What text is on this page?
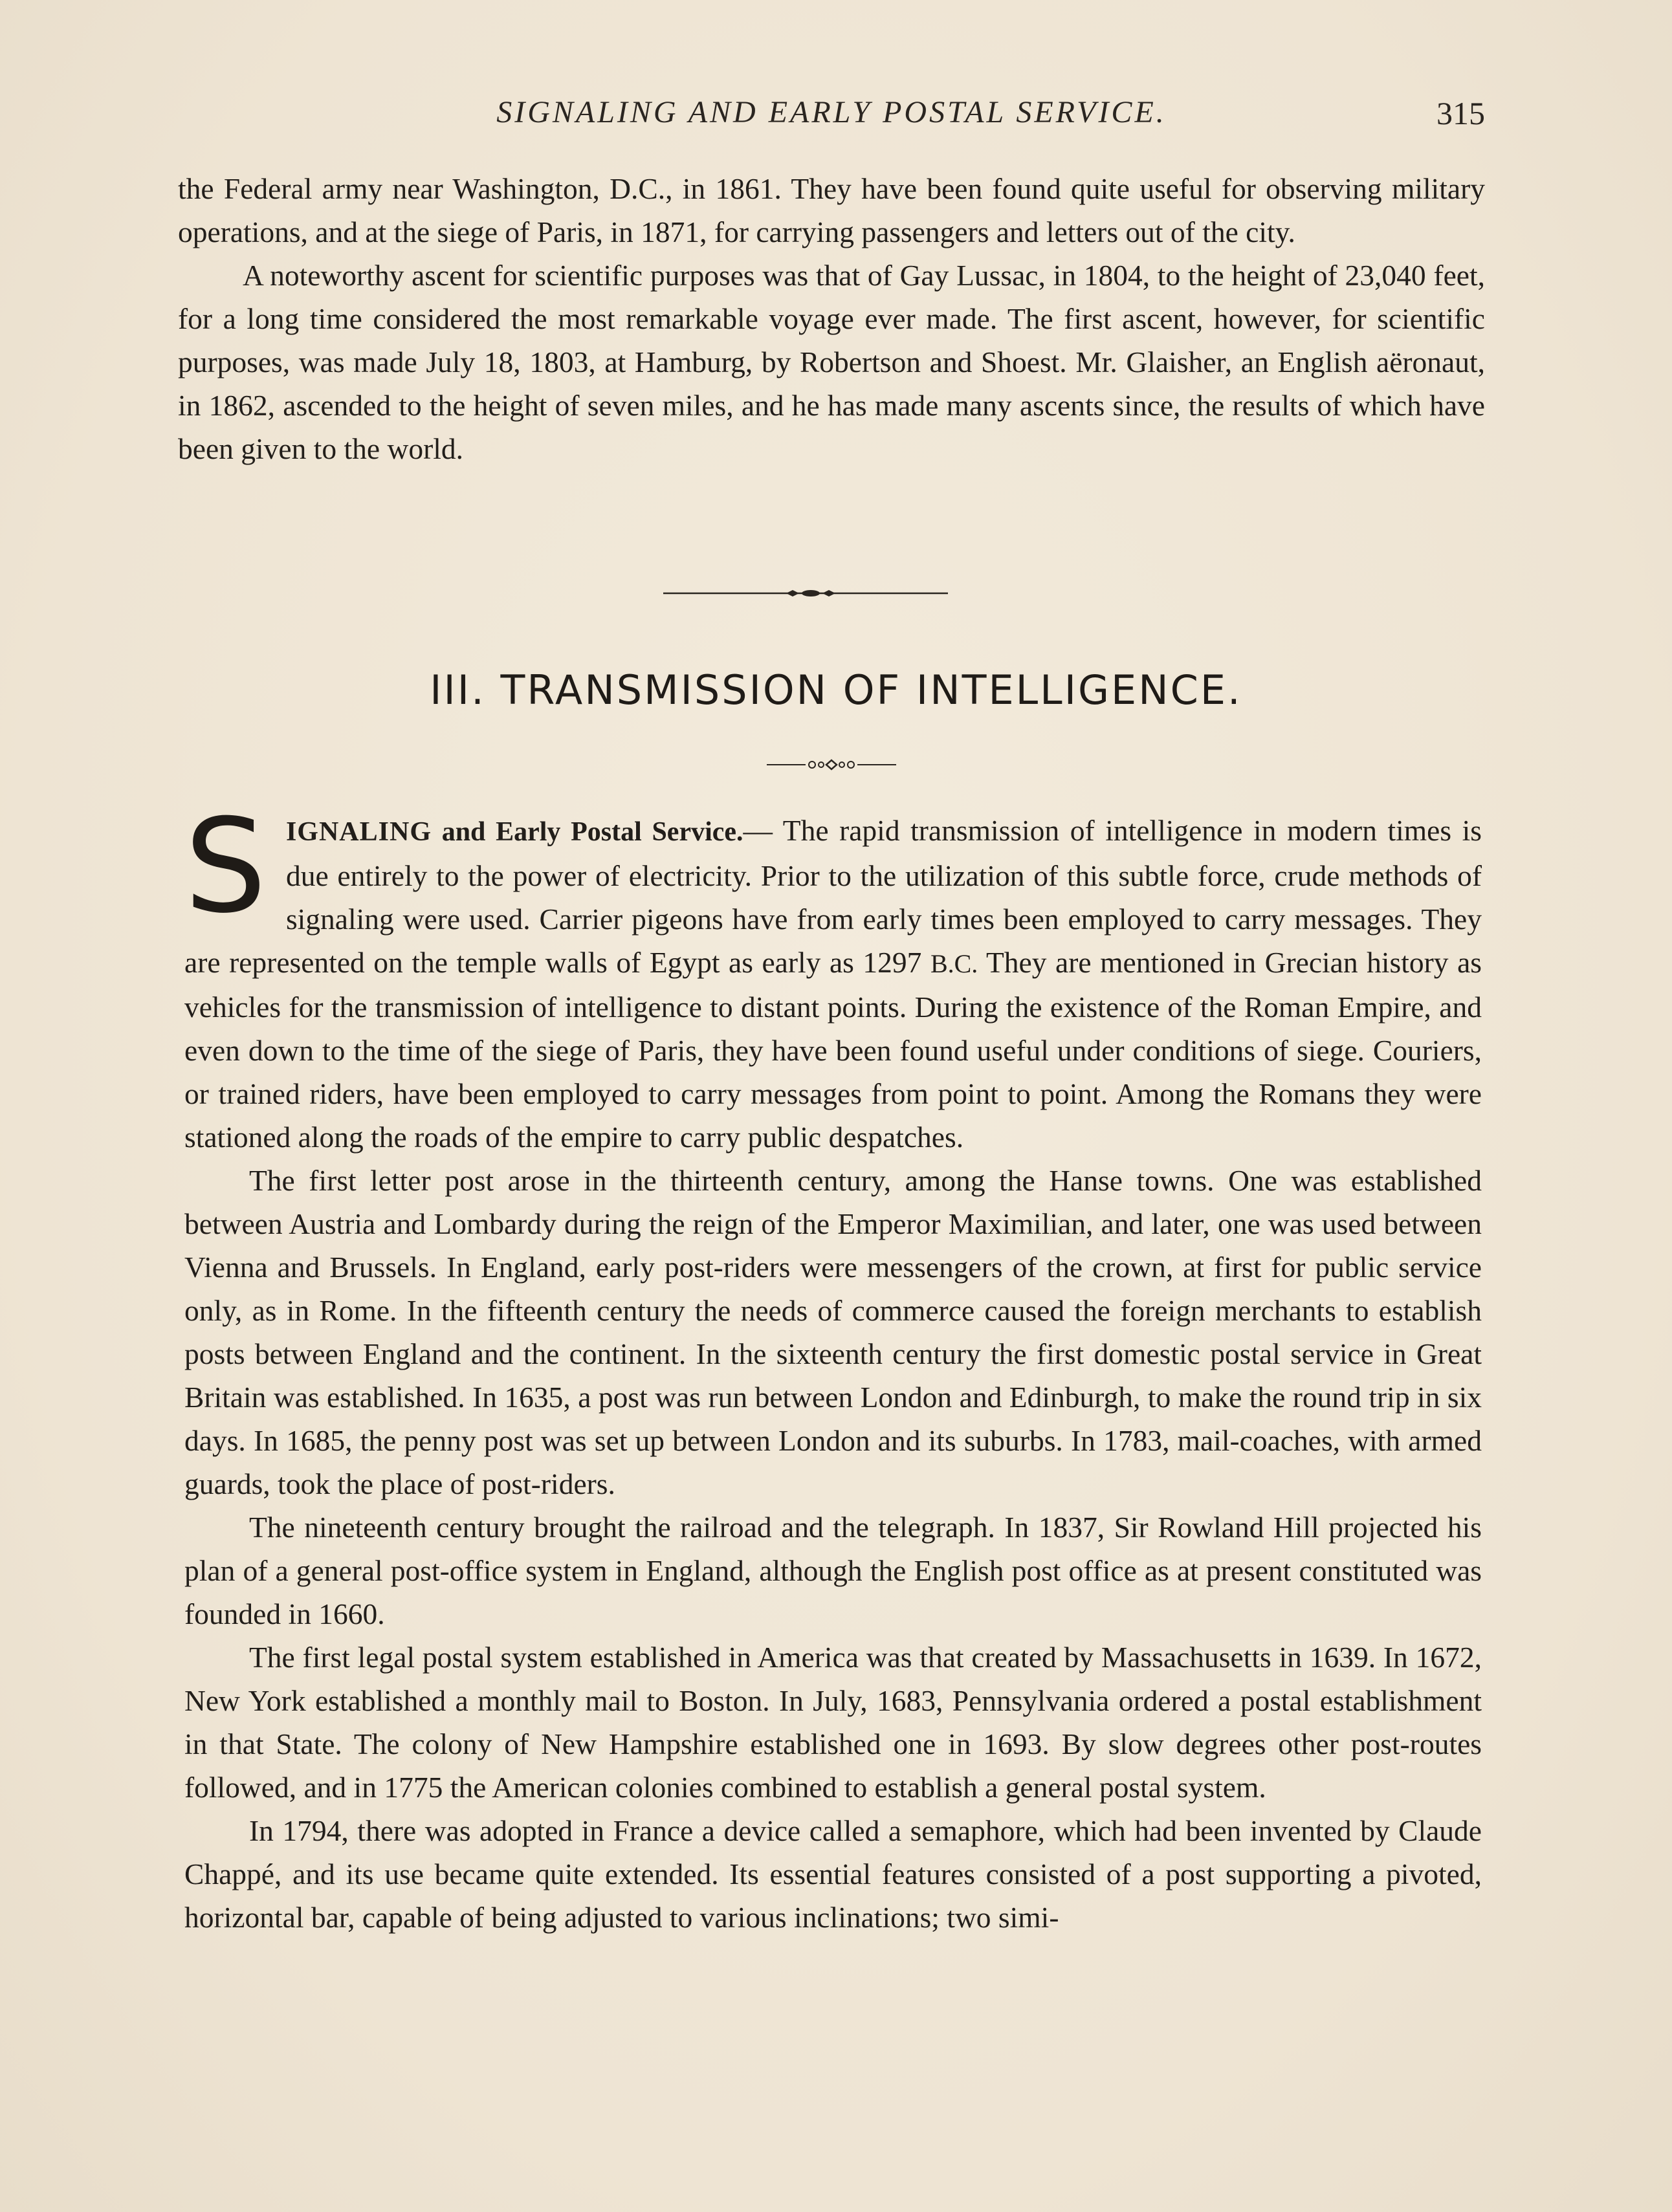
SIGNALING AND EARLY POSTAL SERVICE.	315

the Federal army near Washington, D.C., in 1861. They have been found quite useful for observing military operations, and at the siege of Paris, in 1871, for carrying passengers and letters out of the city.

A noteworthy ascent for scientific purposes was that of Gay Lussac, in 1804, to the height of 23,040 feet, for a long time considered the most remarkable voyage ever made. The first ascent, however, for scientific purposes, was made July 18, 1803, at Hamburg, by Robertson and Shoest. Mr. Glaisher, an English aëronaut, in 1862, ascended to the height of seven miles, and he has made many ascents since, the results of which have been given to the world.

III. TRANSMISSION OF INTELLIGENCE.

SIGNALING and Early Postal Service.— The rapid transmission of intelligence in modern times is due entirely to the power of electricity. Prior to the utilization of this subtle force, crude methods of signaling were used. Carrier pigeons have from early times been employed to carry messages. They are represented on the temple walls of Egypt as early as 1297 B.C. They are mentioned in Grecian history as vehicles for the transmission of intelligence to distant points. During the existence of the Roman Empire, and even down to the time of the siege of Paris, they have been found useful under conditions of siege. Couriers, or trained riders, have been employed to carry messages from point to point. Among the Romans they were stationed along the roads of the empire to carry public despatches.

The first letter post arose in the thirteenth century, among the Hanse towns. One was established between Austria and Lombardy during the reign of the Emperor Maximilian, and later, one was used between Vienna and Brussels. In England, early post-riders were messengers of the crown, at first for public service only, as in Rome. In the fifteenth century the needs of commerce caused the foreign merchants to establish posts between England and the continent. In the sixteenth century the first domestic postal service in Great Britain was established. In 1635, a post was run between London and Edinburgh, to make the round trip in six days. In 1685, the penny post was set up between London and its suburbs. In 1783, mail-coaches, with armed guards, took the place of post-riders.

The nineteenth century brought the railroad and the telegraph. In 1837, Sir Rowland Hill projected his plan of a general post-office system in England, although the English post office as at present constituted was founded in 1660.

The first legal postal system established in America was that created by Massachusetts in 1639. In 1672, New York established a monthly mail to Boston. In July, 1683, Pennsylvania ordered a postal establishment in that State. The colony of New Hampshire established one in 1693. By slow degrees other post-routes followed, and in 1775 the American colonies combined to establish a general postal system.

In 1794, there was adopted in France a device called a semaphore, which had been invented by Claude Chappé, and its use became quite extended. Its essential features consisted of a post supporting a pivoted, horizontal bar, capable of being adjusted to various inclinations; two simi-
